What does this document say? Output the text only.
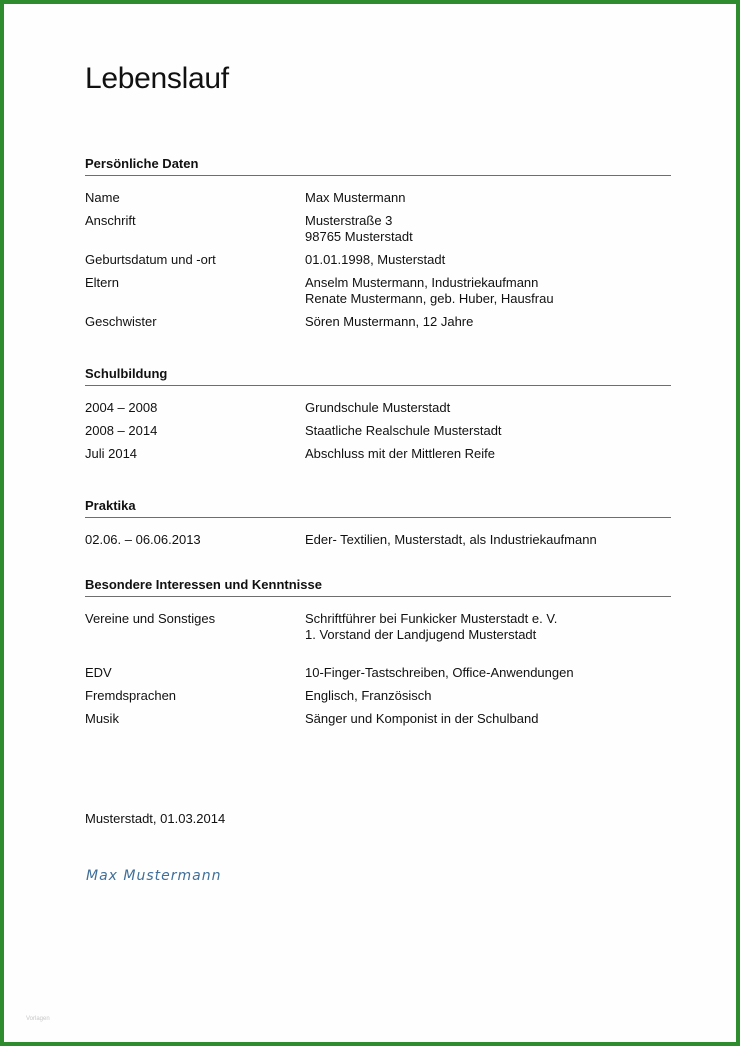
Lebenslauf
Persönliche Daten
Name	Max Mustermann
Anschrift	Musterstraße 3
98765 Musterstadt
Geburtsdatum und -ort	01.01.1998, Musterstadt
Eltern	Anselm Mustermann, Industriekaufmann
Renate Mustermann, geb. Huber, Hausfrau
Geschwister	Sören Mustermann, 12 Jahre
Schulbildung
2004 – 2008	Grundschule Musterstadt
2008 – 2014	Staatliche Realschule Musterstadt
Juli 2014	Abschluss mit der Mittleren Reife
Praktika
02.06. – 06.06.2013	Eder- Textilien, Musterstadt, als Industriekaufmann
Besondere Interessen und Kenntnisse
Vereine und Sonstiges	Schriftführer bei Funkicker Musterstadt e. V.
1. Vorstand der Landjugend Musterstadt
EDV	10-Finger-Tastschreiben, Office-Anwendungen
Fremdsprachen	Englisch, Französisch
Musik	Sänger und Komponist in der Schulband
Musterstadt, 01.03.2014
Max Mustermann
Vorlagen
